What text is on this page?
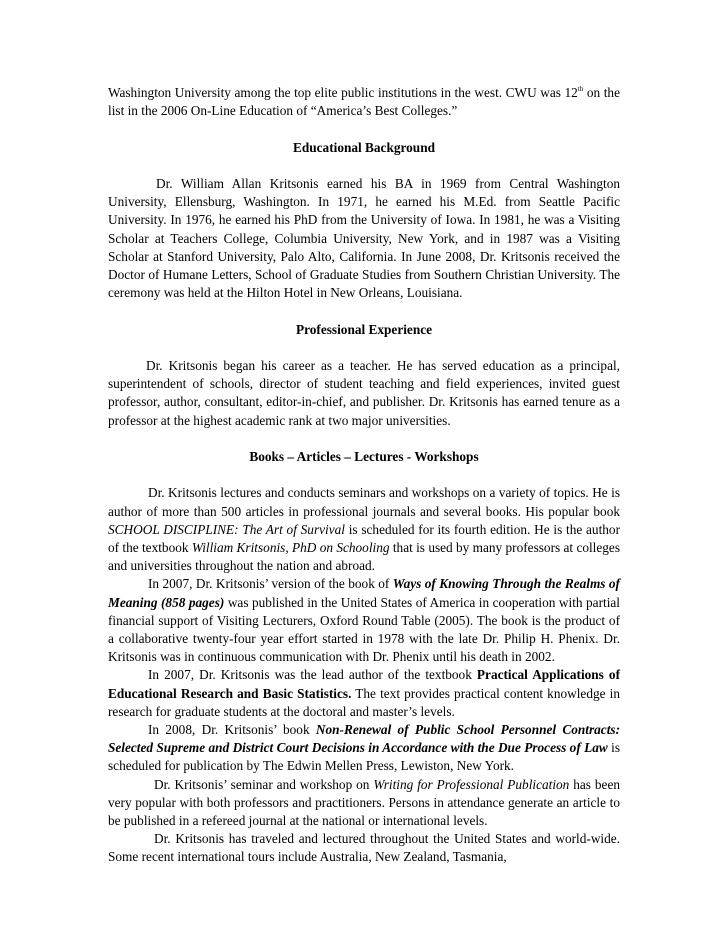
Washington University among the top elite public institutions in the west. CWU was 12th on the list in the 2006 On-Line Education of “America’s Best Colleges.”

Educational Background

Dr. William Allan Kritsonis earned his BA in 1969 from Central Washington University, Ellensburg, Washington. In 1971, he earned his M.Ed. from Seattle Pacific University. In 1976, he earned his PhD from the University of Iowa. In 1981, he was a Visiting Scholar at Teachers College, Columbia University, New York, and in 1987 was a Visiting Scholar at Stanford University, Palo Alto, California. In June 2008, Dr. Kritsonis received the Doctor of Humane Letters, School of Graduate Studies from Southern Christian University. The ceremony was held at the Hilton Hotel in New Orleans, Louisiana.

Professional Experience

Dr. Kritsonis began his career as a teacher. He has served education as a principal, superintendent of schools, director of student teaching and field experiences, invited guest professor, author, consultant, editor-in-chief, and publisher. Dr. Kritsonis has earned tenure as a professor at the highest academic rank at two major universities.

Books – Articles – Lectures - Workshops

Dr. Kritsonis lectures and conducts seminars and workshops on a variety of topics. He is author of more than 500 articles in professional journals and several books. His popular book SCHOOL DISCIPLINE: The Art of Survival is scheduled for its fourth edition. He is the author of the textbook William Kritsonis, PhD on Schooling that is used by many professors at colleges and universities throughout the nation and abroad.

In 2007, Dr. Kritsonis’ version of the book of Ways of Knowing Through the Realms of Meaning (858 pages) was published in the United States of America in cooperation with partial financial support of Visiting Lecturers, Oxford Round Table (2005). The book is the product of a collaborative twenty-four year effort started in 1978 with the late Dr. Philip H. Phenix. Dr. Kritsonis was in continuous communication with Dr. Phenix until his death in 2002.

In 2007, Dr. Kritsonis was the lead author of the textbook Practical Applications of Educational Research and Basic Statistics. The text provides practical content knowledge in research for graduate students at the doctoral and master’s levels.

In 2008, Dr. Kritsonis’ book Non-Renewal of Public School Personnel Contracts: Selected Supreme and District Court Decisions in Accordance with the Due Process of Law is scheduled for publication by The Edwin Mellen Press, Lewiston, New York.

Dr. Kritsonis’ seminar and workshop on Writing for Professional Publication has been very popular with both professors and practitioners. Persons in attendance generate an article to be published in a refereed journal at the national or international levels.

Dr. Kritsonis has traveled and lectured throughout the United States and world-wide. Some recent international tours include Australia, New Zealand, Tasmania,
